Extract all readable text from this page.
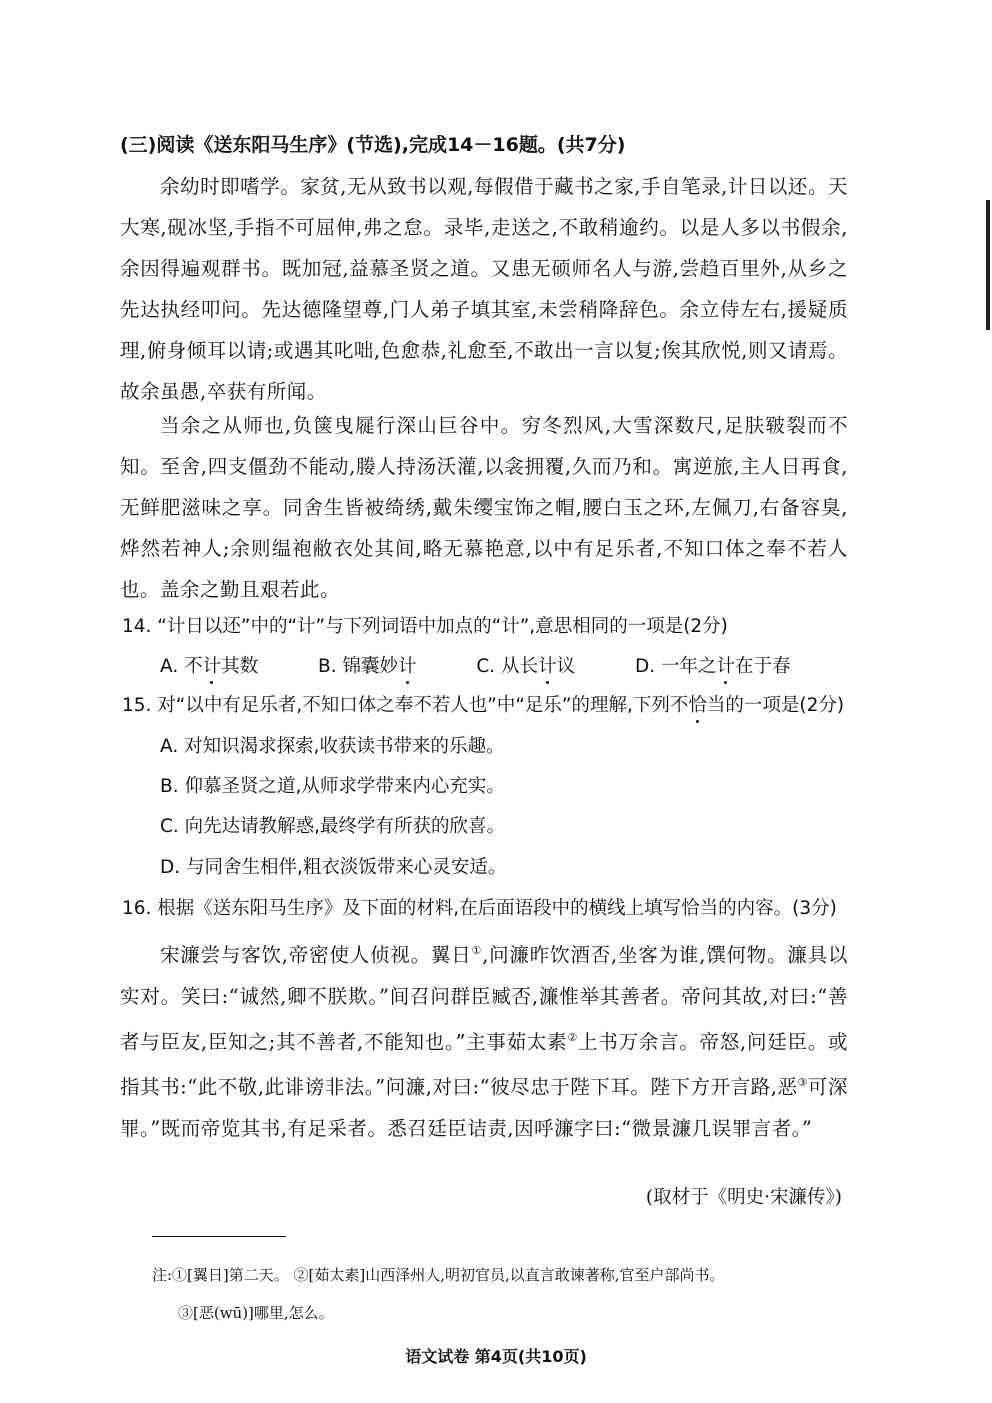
(三)阅读《送东阳马生序》(节选),完成14－16题。(共7分)
余幼时即嗜学。家贫,无从致书以观,每假借于藏书之家,手自笔录,计日以还。天大寒,砚冰坚,手指不可屈伸,弗之怠。录毕,走送之,不敢稍逾约。以是人多以书假余,余因得遍观群书。既加冠,益慕圣贤之道。又患无硕师名人与游,尝趋百里外,从乡之先达执经叩问。先达德隆望尊,门人弟子填其室,未尝稍降辞色。余立侍左右,援疑质理,俯身倾耳以请;或遇其叱咄,色愈恭,礼愈至,不敢出一言以复;俟其欣悦,则又请焉。故余虽愚,卒获有所闻。
当余之从师也,负箧曳屣行深山巨谷中。穷冬烈风,大雪深数尺,足肤皲裂而不知。至舍,四支僵劲不能动,媵人持汤沃灌,以衾拥覆,久而乃和。寓逆旅,主人日再食,无鲜肥滋味之享。同舍生皆被绮绣,戴朱缨宝饰之帽,腰白玉之环,左佩刀,右备容臭,烨然若神人;余则缊袍敝衣处其间,略无慕艳意,以中有足乐者,不知口体之奉不若人也。盖余之勤且艰若此。
14. “计日以还”中的“计”与下列词语中加点的“计”,意思相同的一项是(2分)
A. 不计其数	B. 锦囊妙计	C. 从长计议	D. 一年之计在于春
15. 对“以中有足乐者,不知口体之奉不若人也”中“足乐”的理解,下列不恰当的一项是(2分)
A. 对知识渴求探索,收获读书带来的乐趣。
B. 仰慕圣贤之道,从师求学带来内心充实。
C. 向先达请教解惑,最终学有所获的欣喜。
D. 与同舍生相伴,粗衣淡饭带来心灵安适。
16. 根据《送东阳马生序》及下面的材料,在后面语段中的横线上填写恰当的内容。(3分)
宋濂尝与客饮,帝密使人侦视。翼日①,问濂昨饮酒否,坐客为谁,馔何物。濂具以实对。笑曰:“诚然,卿不朕欺。”间召问群臣臧否,濂惟举其善者。帝问其故,对曰:“善者与臣友,臣知之;其不善者,不能知也。”主事茹太素②上书万余言。帝怒,问廷臣。或指其书:“此不敬,此诽谤非法。”问濂,对曰:“彼尽忠于陛下耳。陛下方开言路,恶③可深罪。”既而帝览其书,有足采者。悉召廷臣诘责,因呼濂字曰:“微景濂几误罪言者。”
(取材于《明史·宋濂传》)
注:①[翼日]第二天。 ②[茹太素]山西泽州人,明初官员,以直言敢谏著称,官至户部尚书。
③[恶(wū)]哪里,怎么。
语文试卷 第4页(共10页)
